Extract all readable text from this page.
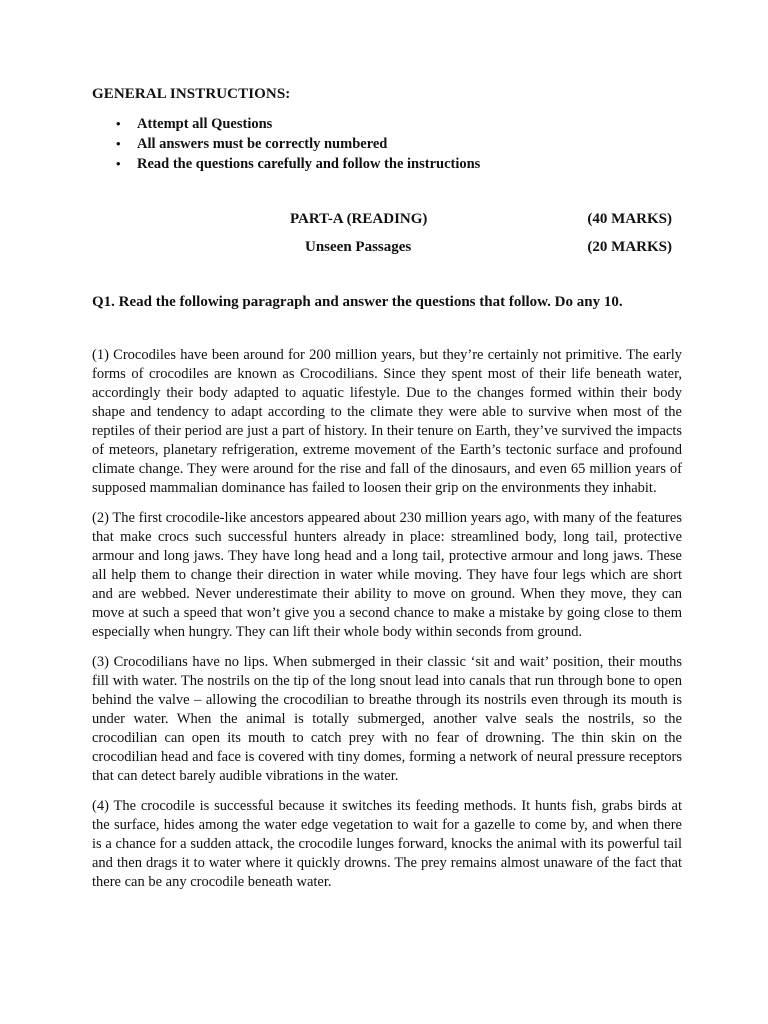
GENERAL INSTRUCTIONS:
• Attempt all Questions
• All answers must be correctly numbered
• Read the questions carefully and follow the instructions
PART-A (READING)	(40 MARKS)
Unseen Passages	(20 MARKS)
Q1. Read the following paragraph and answer the questions that follow. Do any 10.

(1) Crocodiles have been around for 200 million years, but they’re certainly not primitive. The early forms of crocodiles are known as Crocodilians. Since they spent most of their life beneath water, accordingly their body adapted to aquatic lifestyle. Due to the changes formed within their body shape and tendency to adapt according to the climate they were able to survive when most of the reptiles of their period are just a part of history. In their tenure on Earth, they’ve survived the impacts of meteors, planetary refrigeration, extreme movement of the Earth’s tectonic surface and profound climate change. They were around for the rise and fall of the dinosaurs, and even 65 million years of supposed mammalian dominance has failed to loosen their grip on the environments they inhabit.

(2) The first crocodile-like ancestors appeared about 230 million years ago, with many of the features that make crocs such successful hunters already in place: streamlined body, long tail, protective armour and long jaws. They have long head and a long tail, protective armour and long jaws. These all help them to change their direction in water while moving. They have four legs which are short and are webbed. Never underestimate their ability to move on ground. When they move, they can move at such a speed that won’t give you a second chance to make a mistake by going close to them especially when hungry. They can lift their whole body within seconds from ground.

(3) Crocodilians have no lips. When submerged in their classic ‘sit and wait’ position, their mouths fill with water. The nostrils on the tip of the long snout lead into canals that run through bone to open behind the valve – allowing the crocodilian to breathe through its nostrils even through its mouth is under water. When the animal is totally submerged, another valve seals the nostrils, so the crocodilian can open its mouth to catch prey with no fear of drowning. The thin skin on the crocodilian head and face is covered with tiny domes, forming a network of neural pressure receptors that can detect barely audible vibrations in the water.

(4) The crocodile is successful because it switches its feeding methods. It hunts fish, grabs birds at the surface, hides among the water edge vegetation to wait for a gazelle to come by, and when there is a chance for a sudden attack, the crocodile lunges forward, knocks the animal with its powerful tail and then drags it to water where it quickly drowns. The prey remains almost unaware of the fact that there can be any crocodile beneath water.
